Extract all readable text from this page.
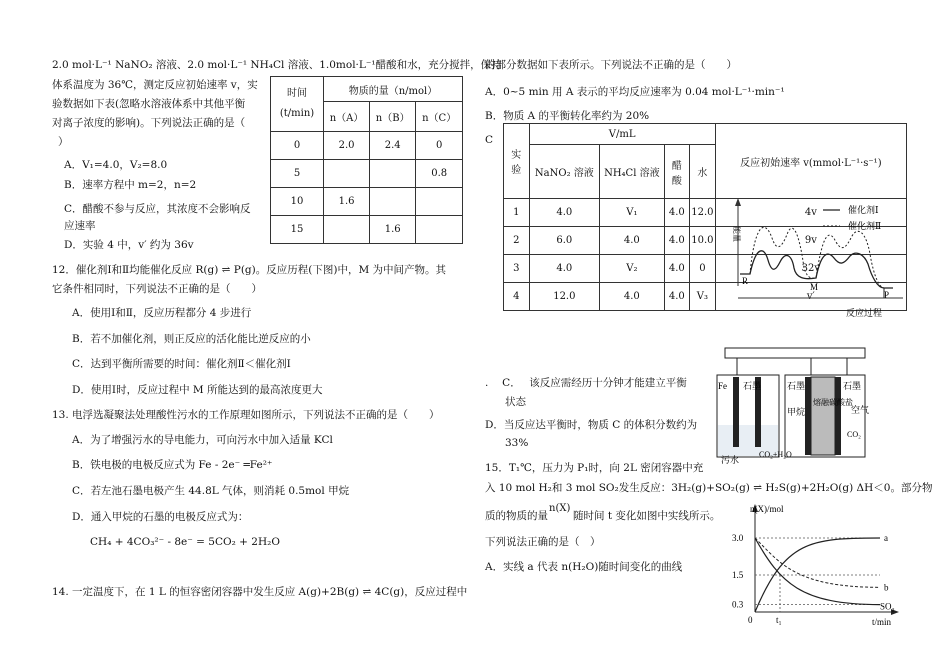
2.0 mol·L⁻¹ NaNO₂ 溶液、2.0 mol·L⁻¹ NH₄Cl 溶液、1.0mol·L⁻¹醋酸和水，充分搅拌，保持
体系温度为 36℃，测定反应初始速率 v，实
验数据如下表(忽略水溶液体系中其他平衡
对离子浓度的影响)。下列说法正确的是（
）
A．V₁=4.0，V₂=8.0
B．速率方程中 m=2，n=2
C．醋酸不参与反应，其浓度不会影响反
应速率
D．实验 4 中，v′ 约为 36v
时间
(t/min)	物质的量（n/mol）		
	n（A）	n（B）	n（C）
0	2.0	2.4	0
5			0.8
10	1.6		
15		1.6	
12．催化剂Ⅰ和Ⅱ均能催化反应 R(g) ⇌ P(g)。反应历程(下图)中，M 为中间产物。其
它条件相同时，下列说法不正确的是（　　）
A．使用Ⅰ和Ⅱ，反应历程都分 4 步进行
B．若不加催化剂，则正反应的活化能比逆反应的小
C．达到平衡所需要的时间：催化剂Ⅱ＜催化剂Ⅰ
D．使用Ⅰ时，反应过程中 M 所能达到的最高浓度更大
13. 电浮选凝聚法处理酸性污水的工作原理如图所示，下列说法不正确的是（　　）
A．为了增强污水的导电能力，可向污水中加入适量 KCl
B．铁电极的电极反应式为 Fe - 2e⁻ ═Fe²⁺
C．若左池石墨电极产生 44.8L 气体，则消耗 0.5mol 甲烷
D．通入甲烷的石墨的电极反应式为：
CH₄ + 4CO₃²⁻ - 8e⁻ = 5CO₂ + 2H₂O
14. 一定温度下，在 1 L 的恒容密闭容器中发生反应 A(g)+2B(g) ⇌ 4C(g)，反应过程中
的部分数据如下表所示。下列说法不正确的是（　　）
A．0~5 min 用 A 表示的平均反应速率为 0.04 mol·L⁻¹·min⁻¹
B．物质 A 的平衡转化率约为 20%
C
实
验	V/mL				反应初始速率 v(mmol·L⁻¹·s⁻¹)
	NaNO₂ 溶液	NH₄Cl 溶液	醋
酸	水	
1	4.0	V₁	4.0	12.0	4v
2	6.0	4.0	4.0	10.0	9v
3	4.0	V₂	4.0	0	32v
4	12.0	4.0	4.0	V₃	v′
能量
反应过程
催化剂Ⅰ
催化剂Ⅱ
R
M
P
Fe 石墨	石墨
熔融碳酸盐
石墨
甲烷	空气
污水
CO₂+H₂O
CO₂
.　 C．　 该反应需经历十分钟才能建立平衡
状态
D．当反应达平衡时，物质 C 的体积分数约为
33%
15．T₁℃，压力为 P₁时，向 2L 密闭容器中充
入 10 mol H₂和 3 mol SO₂发生反应：3H₂(g)+SO₂(g) ⇌ H₂S(g)+2H₂O(g) ΔH＜0。部分物
质的物质的量
n(X)
随时间 t 变化如图中实线所示。
下列说法正确的是（　）
A．实线 a 代表 n(H₂O)随时间变化的曲线
n(X)/mol
t/min
3.0
1.5
0.3
0	t₁
a
b
SO₂
